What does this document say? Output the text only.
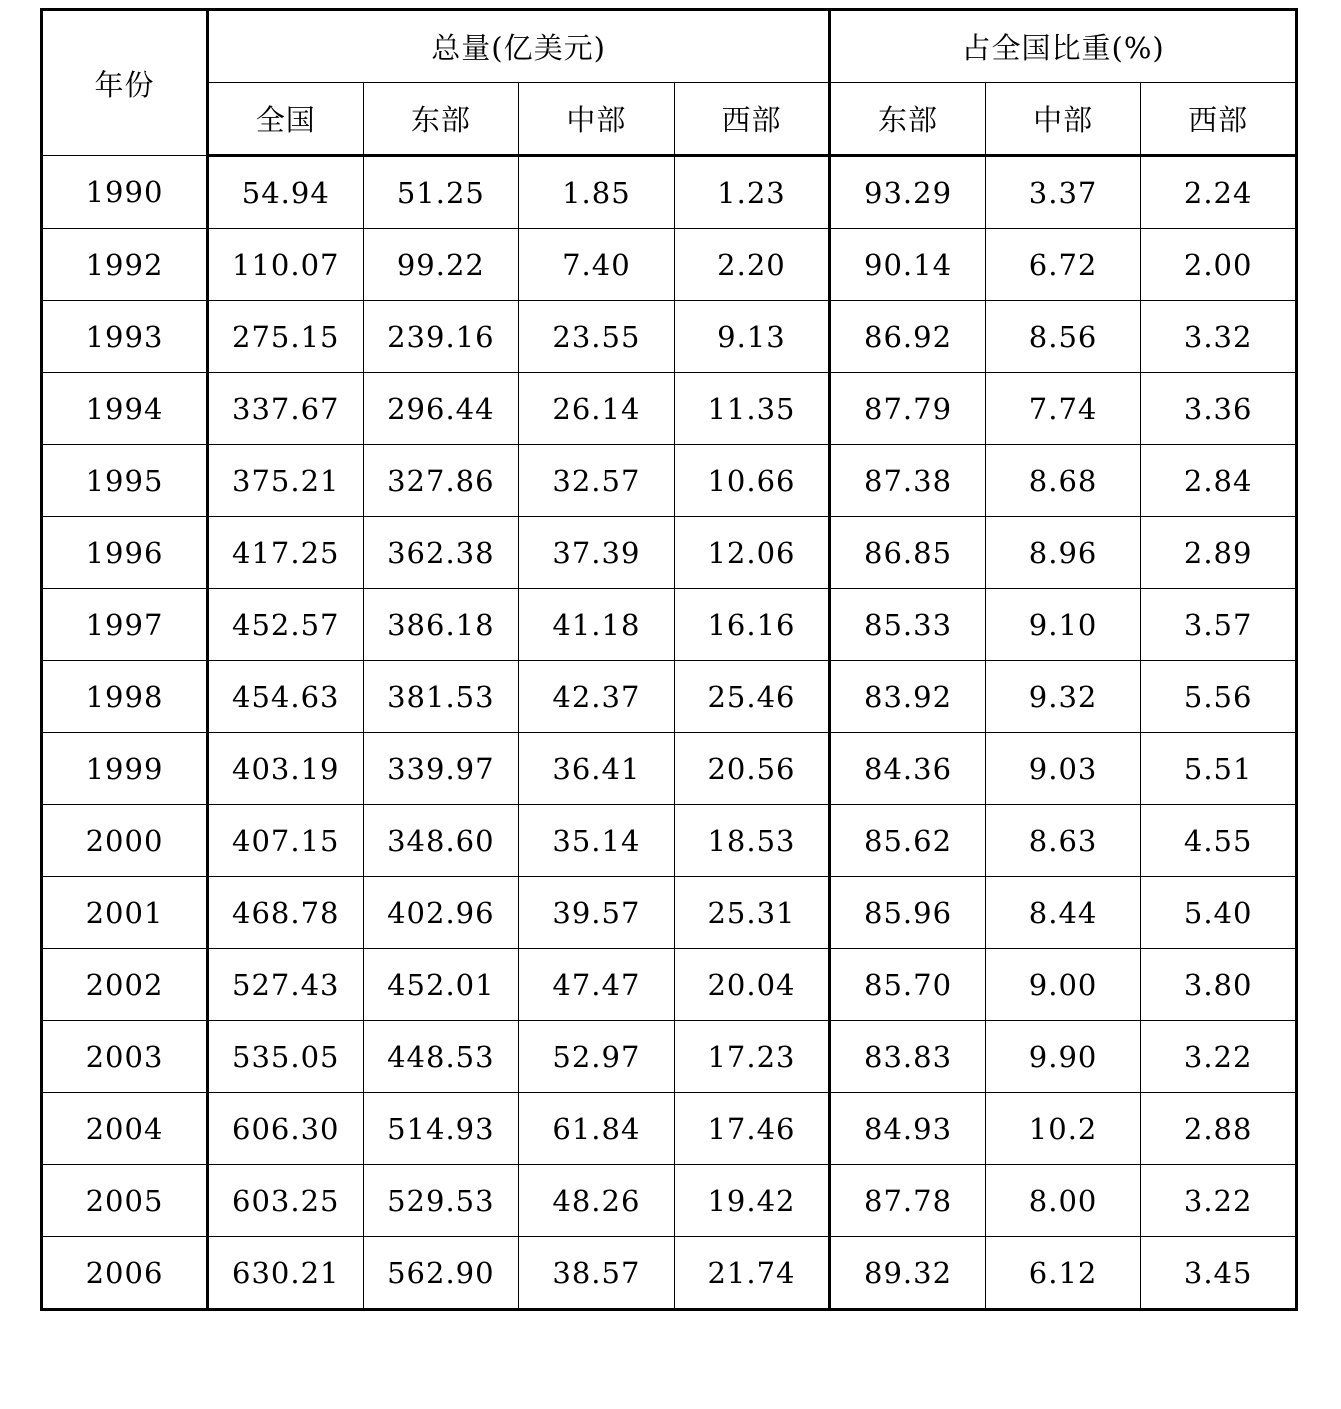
年份	总量(亿美元)				占全国比重(%)		
	全国	东部	中部	西部	东部	中部	西部
1990	54.94	51.25	1.85	1.23	93.29	3.37	2.24
1992	110.07	99.22	7.40	2.20	90.14	6.72	2.00
1993	275.15	239.16	23.55	9.13	86.92	8.56	3.32
1994	337.67	296.44	26.14	11.35	87.79	7.74	3.36
1995	375.21	327.86	32.57	10.66	87.38	8.68	2.84
1996	417.25	362.38	37.39	12.06	86.85	8.96	2.89
1997	452.57	386.18	41.18	16.16	85.33	9.10	3.57
1998	454.63	381.53	42.37	25.46	83.92	9.32	5.56
1999	403.19	339.97	36.41	20.56	84.36	9.03	5.51
2000	407.15	348.60	35.14	18.53	85.62	8.63	4.55
2001	468.78	402.96	39.57	25.31	85.96	8.44	5.40
2002	527.43	452.01	47.47	20.04	85.70	9.00	3.80
2003	535.05	448.53	52.97	17.23	83.83	9.90	3.22
2004	606.30	514.93	61.84	17.46	84.93	10.2	2.88
2005	603.25	529.53	48.26	19.42	87.78	8.00	3.22
2006	630.21	562.90	38.57	21.74	89.32	6.12	3.45
